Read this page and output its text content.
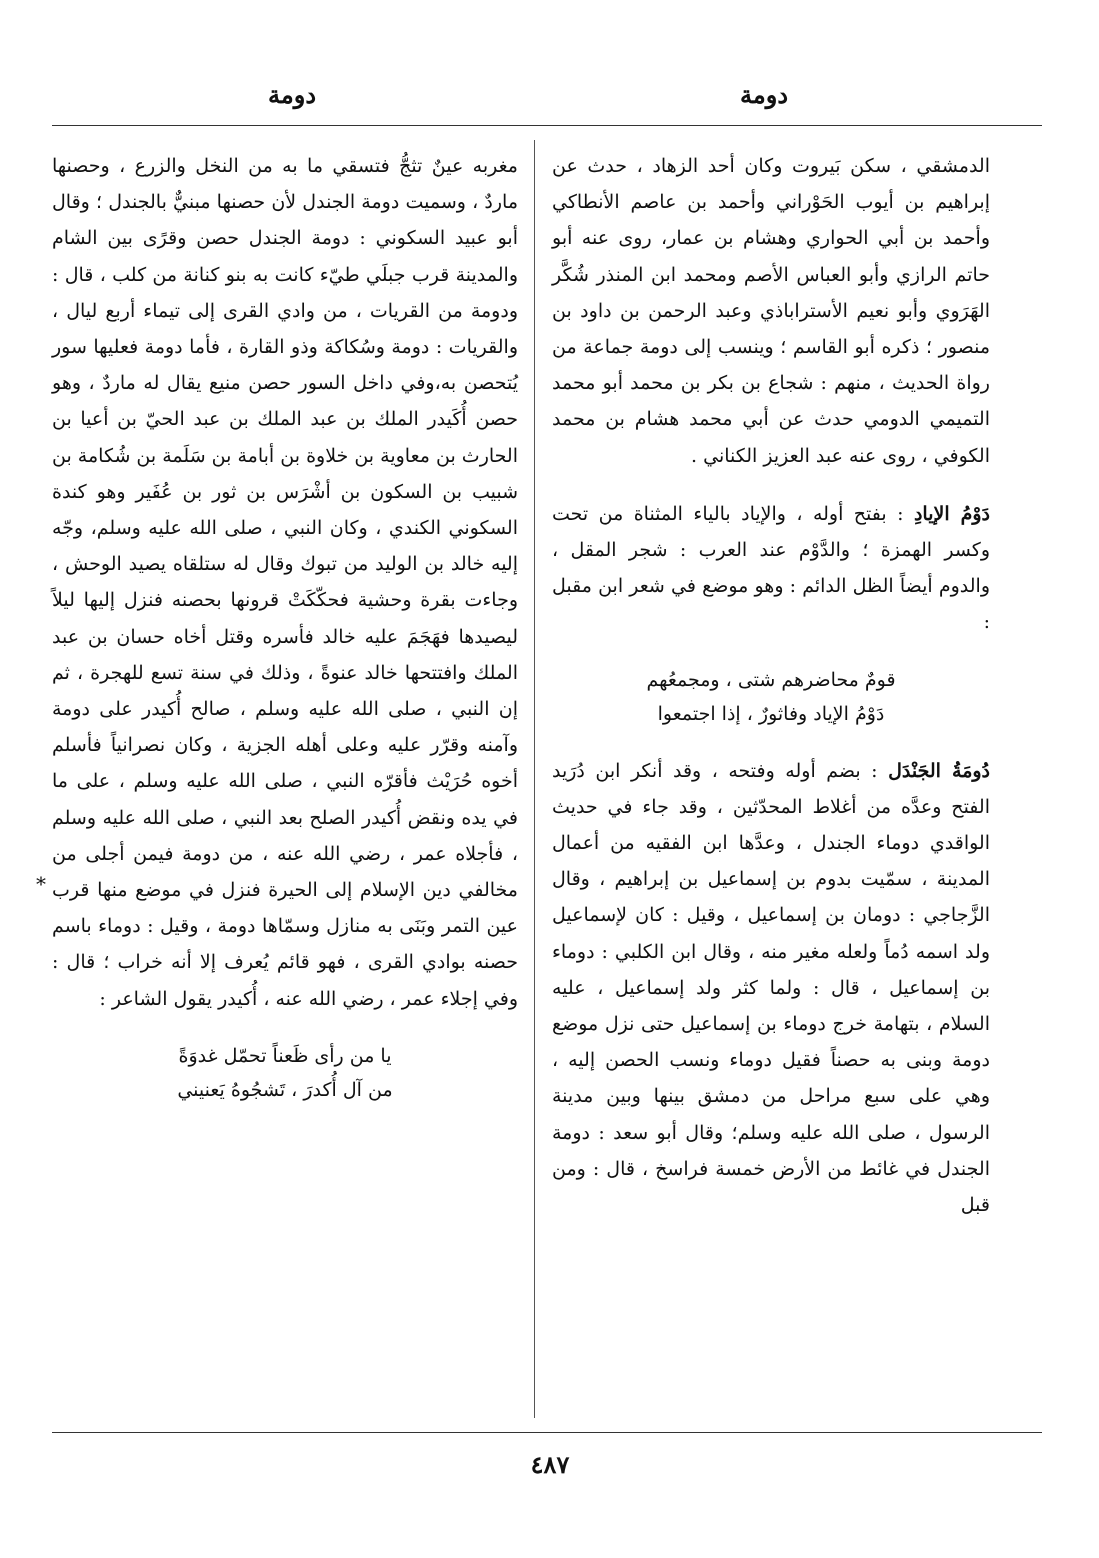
دومة
دومة

الدمشقي ، سكن بَيروت وكان أحد الزهاد ، حدث عن إبراهيم بن أيوب الحَوْراني وأحمد بن عاصم الأنطاكي وأحمد بن أبي الحواري وهشام بن عمار، روى عنه أبو حاتم الرازي وأبو العباس الأصم ومحمد ابن المنذر شُكَّر الهَرَوي وأبو نعيم الأستراباذي وعبد الرحمن بن داود بن منصور ؛ ذكره أبو القاسم ؛ وينسب إلى دومة جماعة من رواة الحديث ، منهم : شجاع بن بكر بن محمد أبو محمد التميمي الدومي حدث عن أبي محمد هشام بن محمد الكوفي ، روى عنه عبد العزيز الكناني .

دَوْمُ الإيادِ : بفتح أوله ، والإياد بالياء المثناة من تحت وكسر الهمزة ؛ والدَّوْم عند العرب : شجر المقل ، والدوم أيضاً الظل الدائم : وهو موضع في شعر ابن مقبل :

قومٌ محاضرهم شتى ، ومجمعُهم

دَوْمُ الإياد وفاثورٌ ، إذا اجتمعوا

دُومَةُ الجَنْدَل : بضم أوله وفتحه ، وقد أنكر ابن دُرَيد الفتح وعدَّه من أغلاط المحدّثين ، وقد جاء في حديث الواقدي دوماء الجندل ، وعدَّها ابن الفقيه من أعمال المدينة ، سمّيت بدوم بن إسماعيل بن إبراهيم ، وقال الزَّجاجي : دومان بن إسماعيل ، وقيل : كان لإسماعيل ولد اسمه دُماً ولعله مغير منه ، وقال ابن الكلبي : دوماء بن إسماعيل ، قال : ولما كثر ولد إسماعيل ، عليه السلام ، بتهامة خرج دوماء بن إسماعيل حتى نزل موضع دومة وبنى به حصناً فقيل دوماء ونسب الحصن إليه ، وهي على سبع مراحل من دمشق بينها وبين مدينة الرسول ، صلى الله عليه وسلم؛ وقال أبو سعد : دومة الجندل في غائط من الأرض خمسة فراسخ ، قال : ومن قبل

مغربه عينٌ تثجُّ فتسقي ما به من النخل والزرع ، وحصنها ماردٌ ، وسميت دومة الجندل لأن حصنها مبنيٌّ بالجندل ؛ وقال أبو عبيد السكوني : دومة الجندل حصن وقرًى بين الشام والمدينة قرب جبلَي طيّء كانت به بنو كنانة من كلب ، قال : ودومة من القريات ، من وادي القرى إلى تيماء أربع ليال ، والقريات : دومة وسُكاكة وذو القارة ، فأما دومة فعليها سور يُتحصن به،وفي داخل السور حصن منيع يقال له ماردٌ ، وهو حصن أُكَيدر الملك بن عبد الملك بن عبد الحيّ بن أعيا بن الحارث بن معاوية بن خلاوة بن أبامة بن سَلَمة بن شُكامة بن شبيب بن السكون بن أشْرَس بن ثور بن عُفَير وهو كندة السكوني الكندي ، وكان النبي ، صلى الله عليه وسلم، وجّه إليه خالد بن الوليد من تبوك وقال له ستلقاه يصيد الوحش ، وجاءت بقرة وحشية فحكّكَتْ قرونها بحصنه فنزل إليها ليلاً ليصيدها فهَجَمَ عليه خالد فأسره وقتل أخاه حسان بن عبد الملك وافتتحها خالد عنوةً ، وذلك في سنة تسع للهجرة ، ثم إن النبي ، صلى الله عليه وسلم ، صالح أُكيدر على دومة وآمنه وقرّر عليه وعلى أهله الجزية ، وكان نصرانياً فأسلم أخوه حُرَيْث فأقرّه النبي ، صلى الله عليه وسلم ، على ما في يده ونقض أُكيدر الصلح بعد النبي ، صلى الله عليه وسلم ، فأجلاه عمر ، رضي الله عنه ، من دومة فيمن أجلى من مخالفي دين الإسلام إلى الحيرة فنزل في موضع منها قرب عين التمر وبَنَى به منازل وسمّاها دومة ، وقيل : دوماء باسم حصنه بوادي القرى ، فهو قائم يُعرف إلا أنه خراب ؛ قال : وفي إجلاء عمر ، رضي الله عنه ، أُكيدر يقول الشاعر :

يا من رأى ظَعناً تحمّل غدوَةً

من آل أُكدرَ ، تَشجُوهُ يَعنيني

*
٤٨٧
